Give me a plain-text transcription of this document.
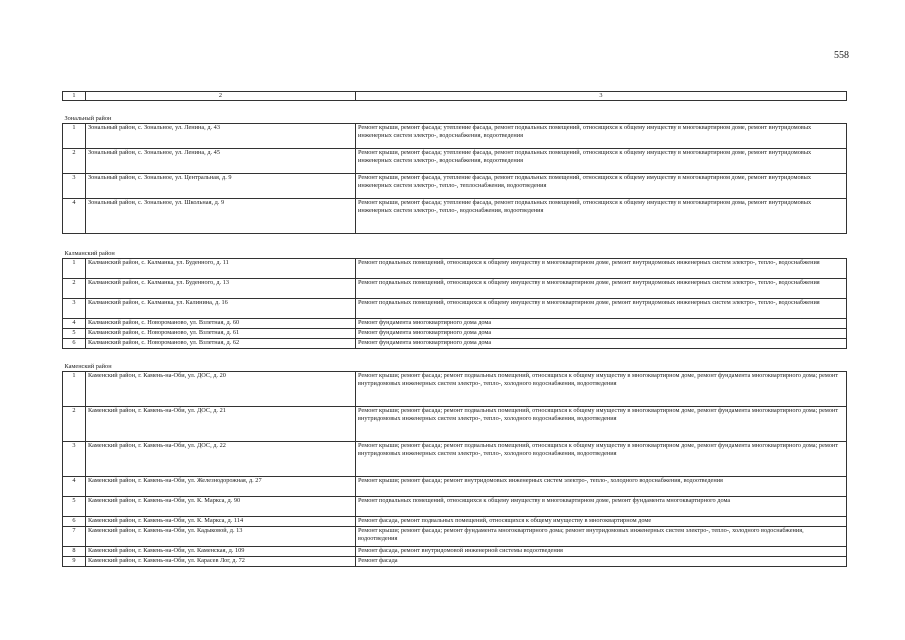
558
1	2	3
Зональный район		
1	Зональный район, с. Зональное, ул. Ленина, д. 43	Ремонт крыши, ремонт фасада; утепление фасада, ремонт подвальных помещений, относящихся к общему имуществу в многоквартирном доме, ремонт внутридомовых инженерных систем электро-, водоснабжения, водоотведения
2	Зональный район, с. Зональное, ул. Ленина, д. 45	Ремонт крыши, ремонт фасада; утепление фасада, ремонт подвальных помещений, относящихся к общему имуществу в многоквартирном доме, ремонт внутридомовых инженерных систем электро-, водоснабжения, водоотведения
3	Зональный район, с. Зональное, ул. Центральная, д. 9	Ремонт крыши, ремонт фасада, утепление фасада, ремонт подвальных помещений, относящихся к общему имуществу в многоквартирном доме, ремонт внутридомовых инженерных систем электро-, тепло-, теплоснабжения, водоотведения
4	Зональный район, с. Зональное, ул. Школьная, д. 9	Ремонт крыши, ремонт фасада; утепление фасада, ремонт подвальных помещений, относящихся к общему имуществу в многоквартирном дома, ремонт внутридомовых инженерных систем электро-, тепло-, водоснабжения, водоотведения
Калманский район		
1	Калманский район, с. Калманка, ул. Буденного, д. 11	Ремонт подвальных помещений, относящихся к общему имуществу в многоквартирном доме, ремонт внутридомовых инженерных систем электро-, тепло-, водоснабжения
2	Калманский район, с. Калманка, ул. Буденного, д. 13	Ремонт подвальных помещений, относящихся к общему имуществу в многоквартирном доме, ремонт внутридомовых инженерных систем электро-, тепло-, водоснабжения
3	Калманский район, с. Калманка, ул. Калинина, д. 16	Ремонт подвальных помещений, относящихся к общему имуществу в многоквартирном доме, ремонт внутридомовых инженерных систем электро-, тепло-, водоснабжения
4	Калманский район, с. Новороманово, ул. Взлетная, д. 60	Ремонт фундамента многоквартирного дома дома
5	Калманский район, с. Новороманово, ул. Взлетная, д. 61	Ремонт фундамента многоквартирного дома дома
6	Калманский район, с. Новороманово, ул. Взлетная, д. 62	Ремонт фундамента многоквартирного дома дома
Каменский район		
1	Каменский район, г. Камень-на-Оби, ул. ДОС, д. 20	Ремонт крыши; ремонт фасада; ремонт подвальных помещений, относящихся к общему имуществу в многоквартирном доме, ремонт фундамента многоквартирного дома; ремонт внутридомовых инженерных систем электро-, тепло-, холодного водоснабжения, водоотведения
2	Каменский район, г. Камень-на-Оби, ул. ДОС, д. 21	Ремонт крыши; ремонт фасада; ремонт подвальных помещений, относящихся к общему имуществу в многоквартирном доме, ремонт фундамента многоквартирного дома; ремонт внутридомовых инженерных систем электро-, тепло-, холодного водоснабжения, водоотведения
3	Каменский район, г. Камень-на-Оби, ул. ДОС, д. 22	Ремонт крыши; ремонт фасада; ремонт подвальных помещений, относящихся к общему имуществу в многоквартирном доме, ремонт фундамента многоквартирного дома; ремонт внутридомовых инженерных систем электро-, тепло-, холодного водоснабжения, водоотведения
4	Каменский район, г. Камень-на-Оби, ул. Железнодорожная, д. 27	Ремонт крыши; ремонт фасада; ремонт внутридомовых инженерных систем электро-, тепло-, холодного водоснабжения, водоотведения
5	Каменский район, г. Камень-на-Оби, ул. К. Маркса, д. 90	Ремонт подвальных помещений, относящихся к общему имуществу в многоквартирном доме, ремонт фундамента многоквартирного дома
6	Каменский район, г. Камень-на-Оби, ул. К. Маркса, д. 114	Ремонт фасада, ремонт подвальных помещений, относящихся к общему имуществу в многоквартирном доме
7	Каменский район, г. Камень-на-Оби, ул. Кадыковой, д. 13	Ремонт крыши; ремонт фасада; ремонт фундамента многоквартирного дома; ремонт внутридомовых инженерных систем электро-, тепло-, холодного водоснабжения, водоотведения
8	Каменский район, г. Камень-на-Оби, ул. Каменская, д. 109	Ремонт фасада, ремонт внутридомовой инженерной системы водоотведения
9	Каменский район, г. Камень-на-Оби, ул. Карасев Лог, д. 72	Ремонт фасада
